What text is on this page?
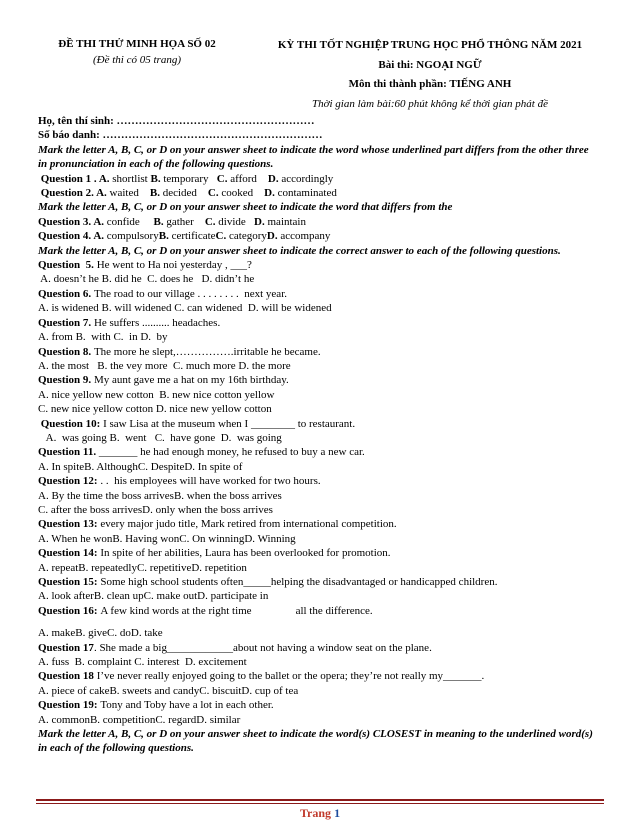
ĐỀ THI THỬ MINH HỌA SỐ 02
(Đề thi có 05 trang)
KỲ THI TỐT NGHIỆP TRUNG HỌC PHỔ THÔNG NĂM 2021
Bài thi: NGOẠI NGỮ
Môn thi thành phần: TIẾNG ANH
Thời gian làm bài:60 phút không kể thời gian phát đề
Họ, tên thí sinh: ………………………………………………
Số báo danh: ……………………………………………………
Mark the letter A, B, C, or D on your answer sheet to indicate the word whose underlined part differs from the other three in pronunciation in each of the following questions.
Question 1 . A. shortlist B. temporary C. afford D. accordingly
Question 2. A. waited B. decided C. cooked D. contaminated
Mark the letter A, B, C, or D on your answer sheet to indicate the word that differs from the
Question 3. A. confide B. gather C. divide D. maintain
Question 4. A. compulsoryB. certificateC. categoryD. accompany
Mark the letter A, B, C, or D on your answer sheet to indicate the correct answer to each of the following questions.
Question  5. He went to Ha noi yesterday , ___?
A. doesn’t he B. did he  C. does he   D. didn’t he
Question 6. The road to our village . . . . . . . .  next year.
A. is widened B. will widened C. can widened  D. will be widened
Question 7. He suffers .......... headaches.
A. from B.  with C.  in D.  by
Question 8. The more he slept,…………….irritable he became.
A. the most   B. the vey more  C. much more D. the more
Question 9. My aunt gave me a hat on my 16th birthday.
A. nice yellow new cotton  B. new nice cotton yellow
C. new nice yellow cotton D. nice new yellow cotton
Question 10: I saw Lisa at the museum when I ________ to restaurant.
A.  was going B.  went   C.  have gone  D.  was going
Question 11. _______ he had enough money, he refused to buy a new car.
A. In spiteB. AlthoughC. DespiteD. In spite of
Question 12: . .  his employees will have worked for two hours.
A. By the time the boss arrivesB. when the boss arrives
C. after the boss arrivesD. only when the boss arrives
Question 13: every major judo title, Mark retired from international competition.
A. When he wonB. Having wonC. On winningD. Winning
Question 14: In spite of her abilities, Laura has been overlooked for promotion.
A. repeatB. repeatedlyC. repetitiveD. repetition
Question 15: Some high school students often_____helping the disadvantaged or handicapped children.
A. look afterB. clean upC. make outD. participate in
Question 16: A few kind words at the right time                all the difference.
A. makeB. giveC. doD. take
Question 17. She made a big____________about not having a window seat on the plane.
A. fuss  B. complaint C. interest  D. excitement
Question 18 I’ve never really enjoyed going to the ballet or the opera; they’re not really my_______.
A. piece of cakeB. sweets and candyC. biscuitD. cup of tea
Question 19: Tony and Toby have a lot in each other.
A. commonB. competitionC. regardD. similar
Mark the letter A, B, C, or D on your answer sheet to indicate the word(s) CLOSEST in meaning to the underlined word(s) in each of the following questions.
Trang 1
